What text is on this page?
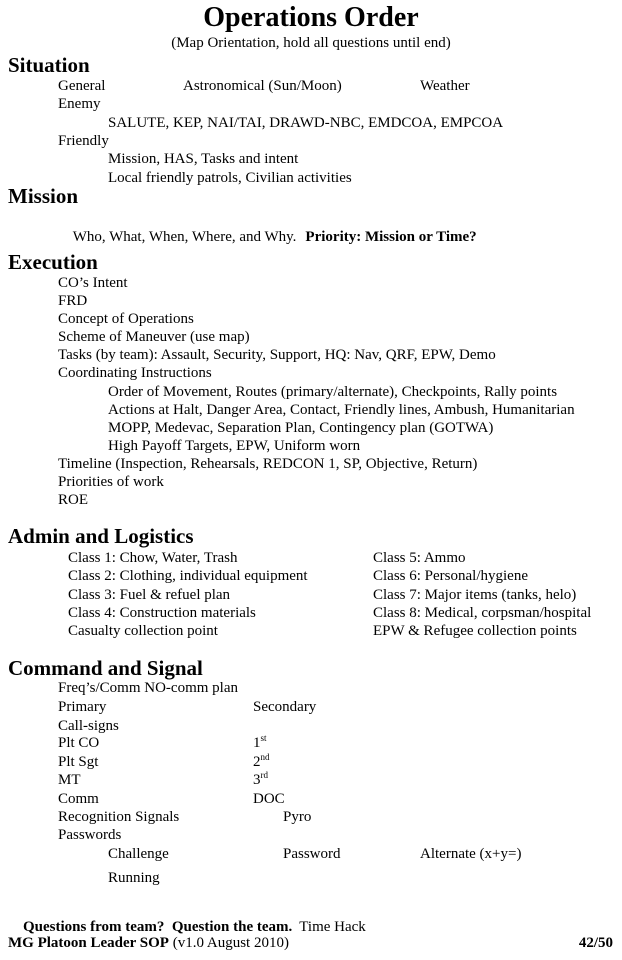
Operations Order
(Map Orientation, hold all questions until end)
Situation
General	Astronomical (Sun/Moon)	Weather
Enemy
SALUTE, KEP, NAI/TAI, DRAWD-NBC, EMDCOA, EMPCOA
Friendly
Mission, HAS, Tasks and intent
Local friendly patrols, Civilian activities
Mission

Who, What, When, Where, and Why. Priority: Mission or Time?

Execution
CO’s Intent
FRD
Concept of Operations
Scheme of Maneuver (use map)
Tasks (by team): Assault, Security, Support, HQ: Nav, QRF, EPW, Demo
Coordinating Instructions
Order of Movement, Routes (primary/alternate), Checkpoints, Rally points
Actions at Halt, Danger Area, Contact, Friendly lines, Ambush, Humanitarian
MOPP, Medevac, Separation Plan, Contingency plan (GOTWA)
High Payoff Targets, EPW, Uniform worn
Timeline (Inspection, Rehearsals, REDCON 1, SP, Objective, Return)
Priorities of work
ROE
Admin and Logistics
Class 1: Chow, Water, Trash	Class 5: Ammo
Class 2: Clothing, individual equipment	Class 6: Personal/hygiene
Class 3: Fuel & refuel plan	Class 7: Major items (tanks, helo)
Class 4: Construction materials	Class 8: Medical, corpsman/hospital
Casualty collection point	EPW & Refugee collection points
Command and Signal
Freq’s/Comm NO-comm plan
Primary	Secondary
Call-signs
Plt CO	1st
Plt Sgt	2nd
MT	3rd
Comm	DOC
Recognition Signals	Pyro
Passwords
Challenge	Password	Alternate (x+y=)
Running

Questions from team?  Question the team. Time Hack

MG Platoon Leader SOP (v1.0 August 2010)	42/50
